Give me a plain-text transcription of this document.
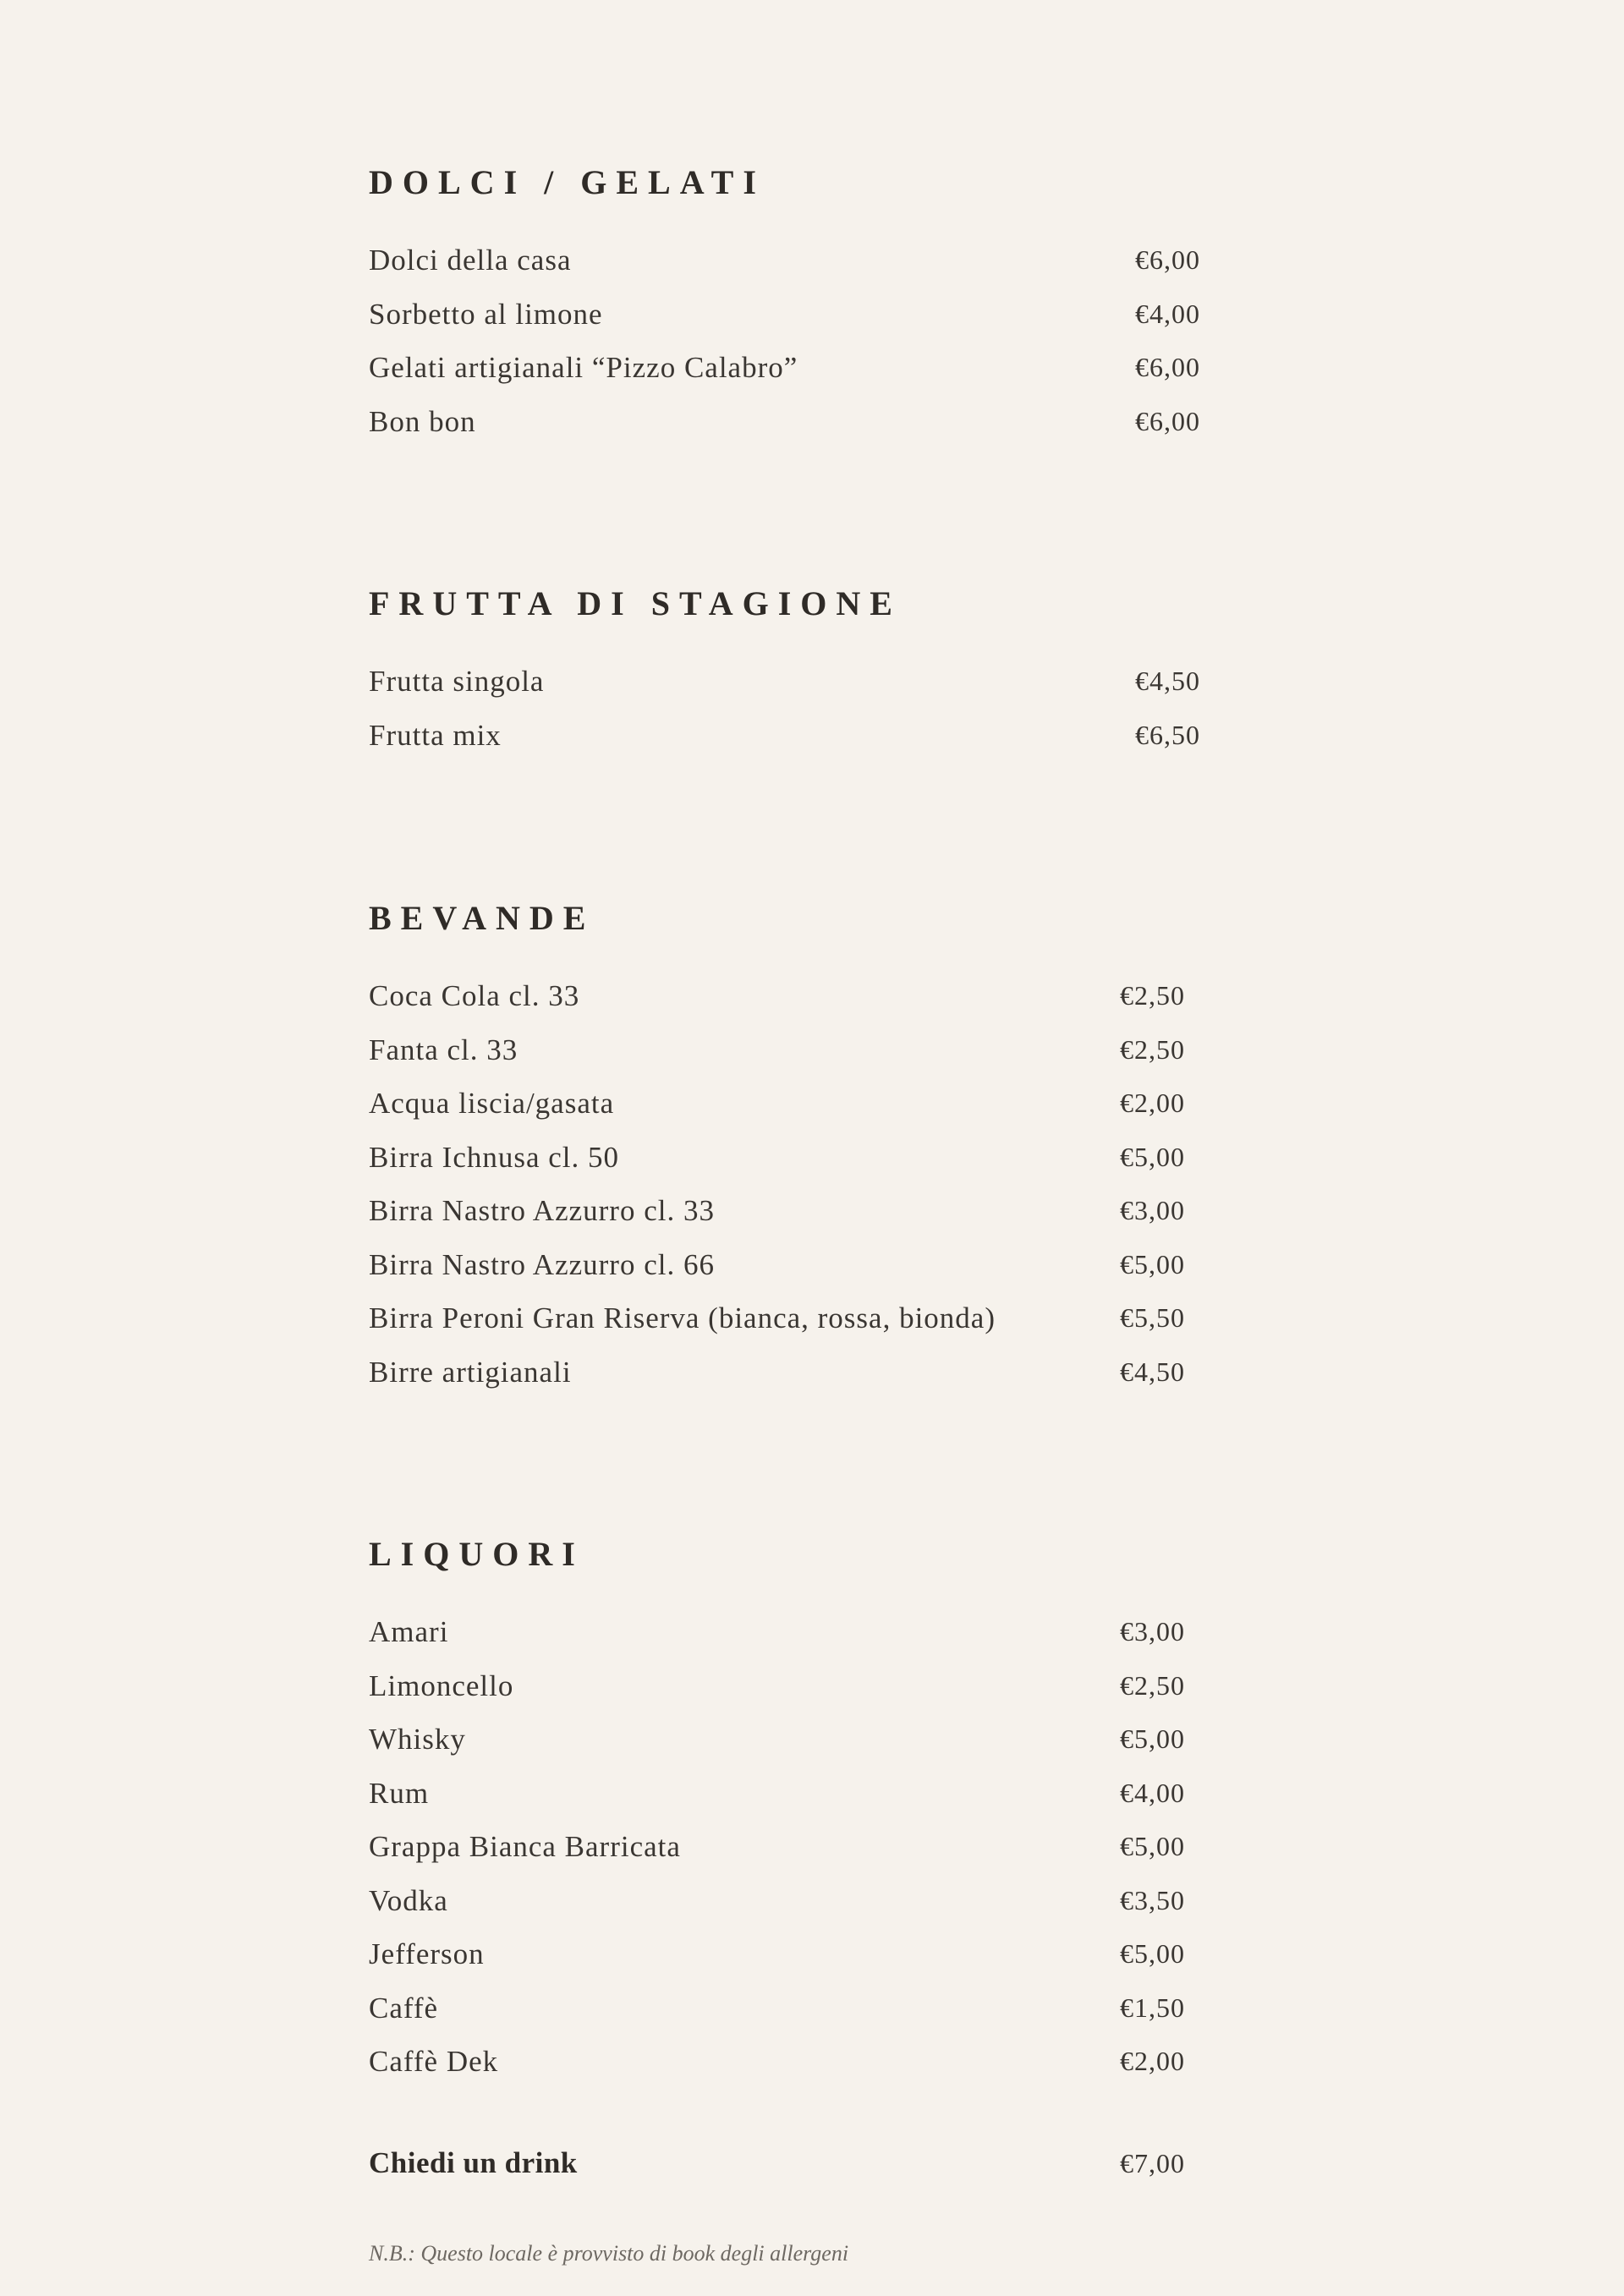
DOLCI / GELATI
Dolci della casa	€6,00
Sorbetto al limone	€4,00
Gelati artigianali “Pizzo Calabro”	€6,00
Bon bon	€6,00
FRUTTA DI STAGIONE
Frutta singola	€4,50
Frutta mix	€6,50
BEVANDE
Coca Cola cl. 33	€2,50
Fanta cl. 33	€2,50
Acqua liscia/gasata	€2,00
Birra Ichnusa cl. 50	€5,00
Birra Nastro Azzurro cl. 33	€3,00
Birra Nastro Azzurro cl. 66	€5,00
Birra Peroni Gran Riserva (bianca, rossa, bionda)	€5,50
Birre artigianali	€4,50
LIQUORI
Amari	€3,00
Limoncello	€2,50
Whisky	€5,00
Rum	€4,00
Grappa Bianca Barricata	€5,00
Vodka	€3,50
Jefferson	€5,00
Caffè	€1,50
Caffè Dek	€2,00
Chiedi un drink	€7,00
N.B.: Questo locale è provvisto di book degli allergeni
